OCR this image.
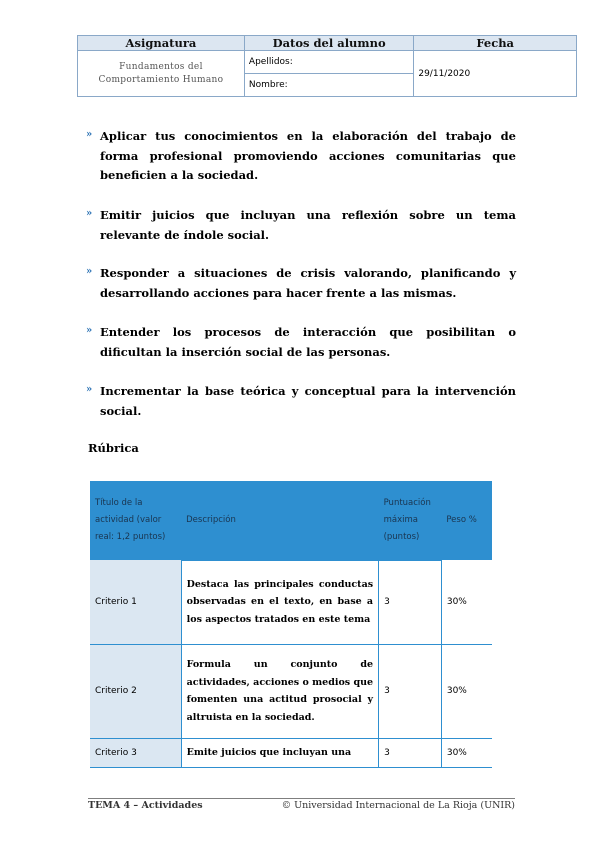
Asignatura	Datos del alumno	Fecha

Fundamentos del
Comportamiento Humano	Apellidos:	29/11/2020
	Nombre:	
» Aplicar tus conocimientos en la elaboración del trabajo de forma profesional promoviendo acciones comunitarias que beneficien a la sociedad.
» Emitir juicios que incluyan una reflexión sobre un tema relevante de índole social.
» Responder a situaciones de crisis valorando, planificando y desarrollando acciones para hacer frente a las mismas.
» Entender los procesos de interacción que posibilitan o dificultan la inserción social de las personas.
» Incrementar la base teórica y conceptual para la intervención social.
Rúbrica
Título de la actividad (valor real: 1,2 puntos)	Descripción	Puntuación máxima (puntos)	Peso %
Criterio 1	Destaca las principales conductas observadas en el texto, en base a los aspectos tratados en este tema	3	30%
Criterio 2	Formula un conjunto de actividades, acciones o medios que fomenten una actitud prosocial y altruista en la sociedad.	3	30%
Criterio 3	Emite juicios que incluyan una	3	30%
TEMA 4 – Actividades	© Universidad Internacional de La Rioja (UNIR)
